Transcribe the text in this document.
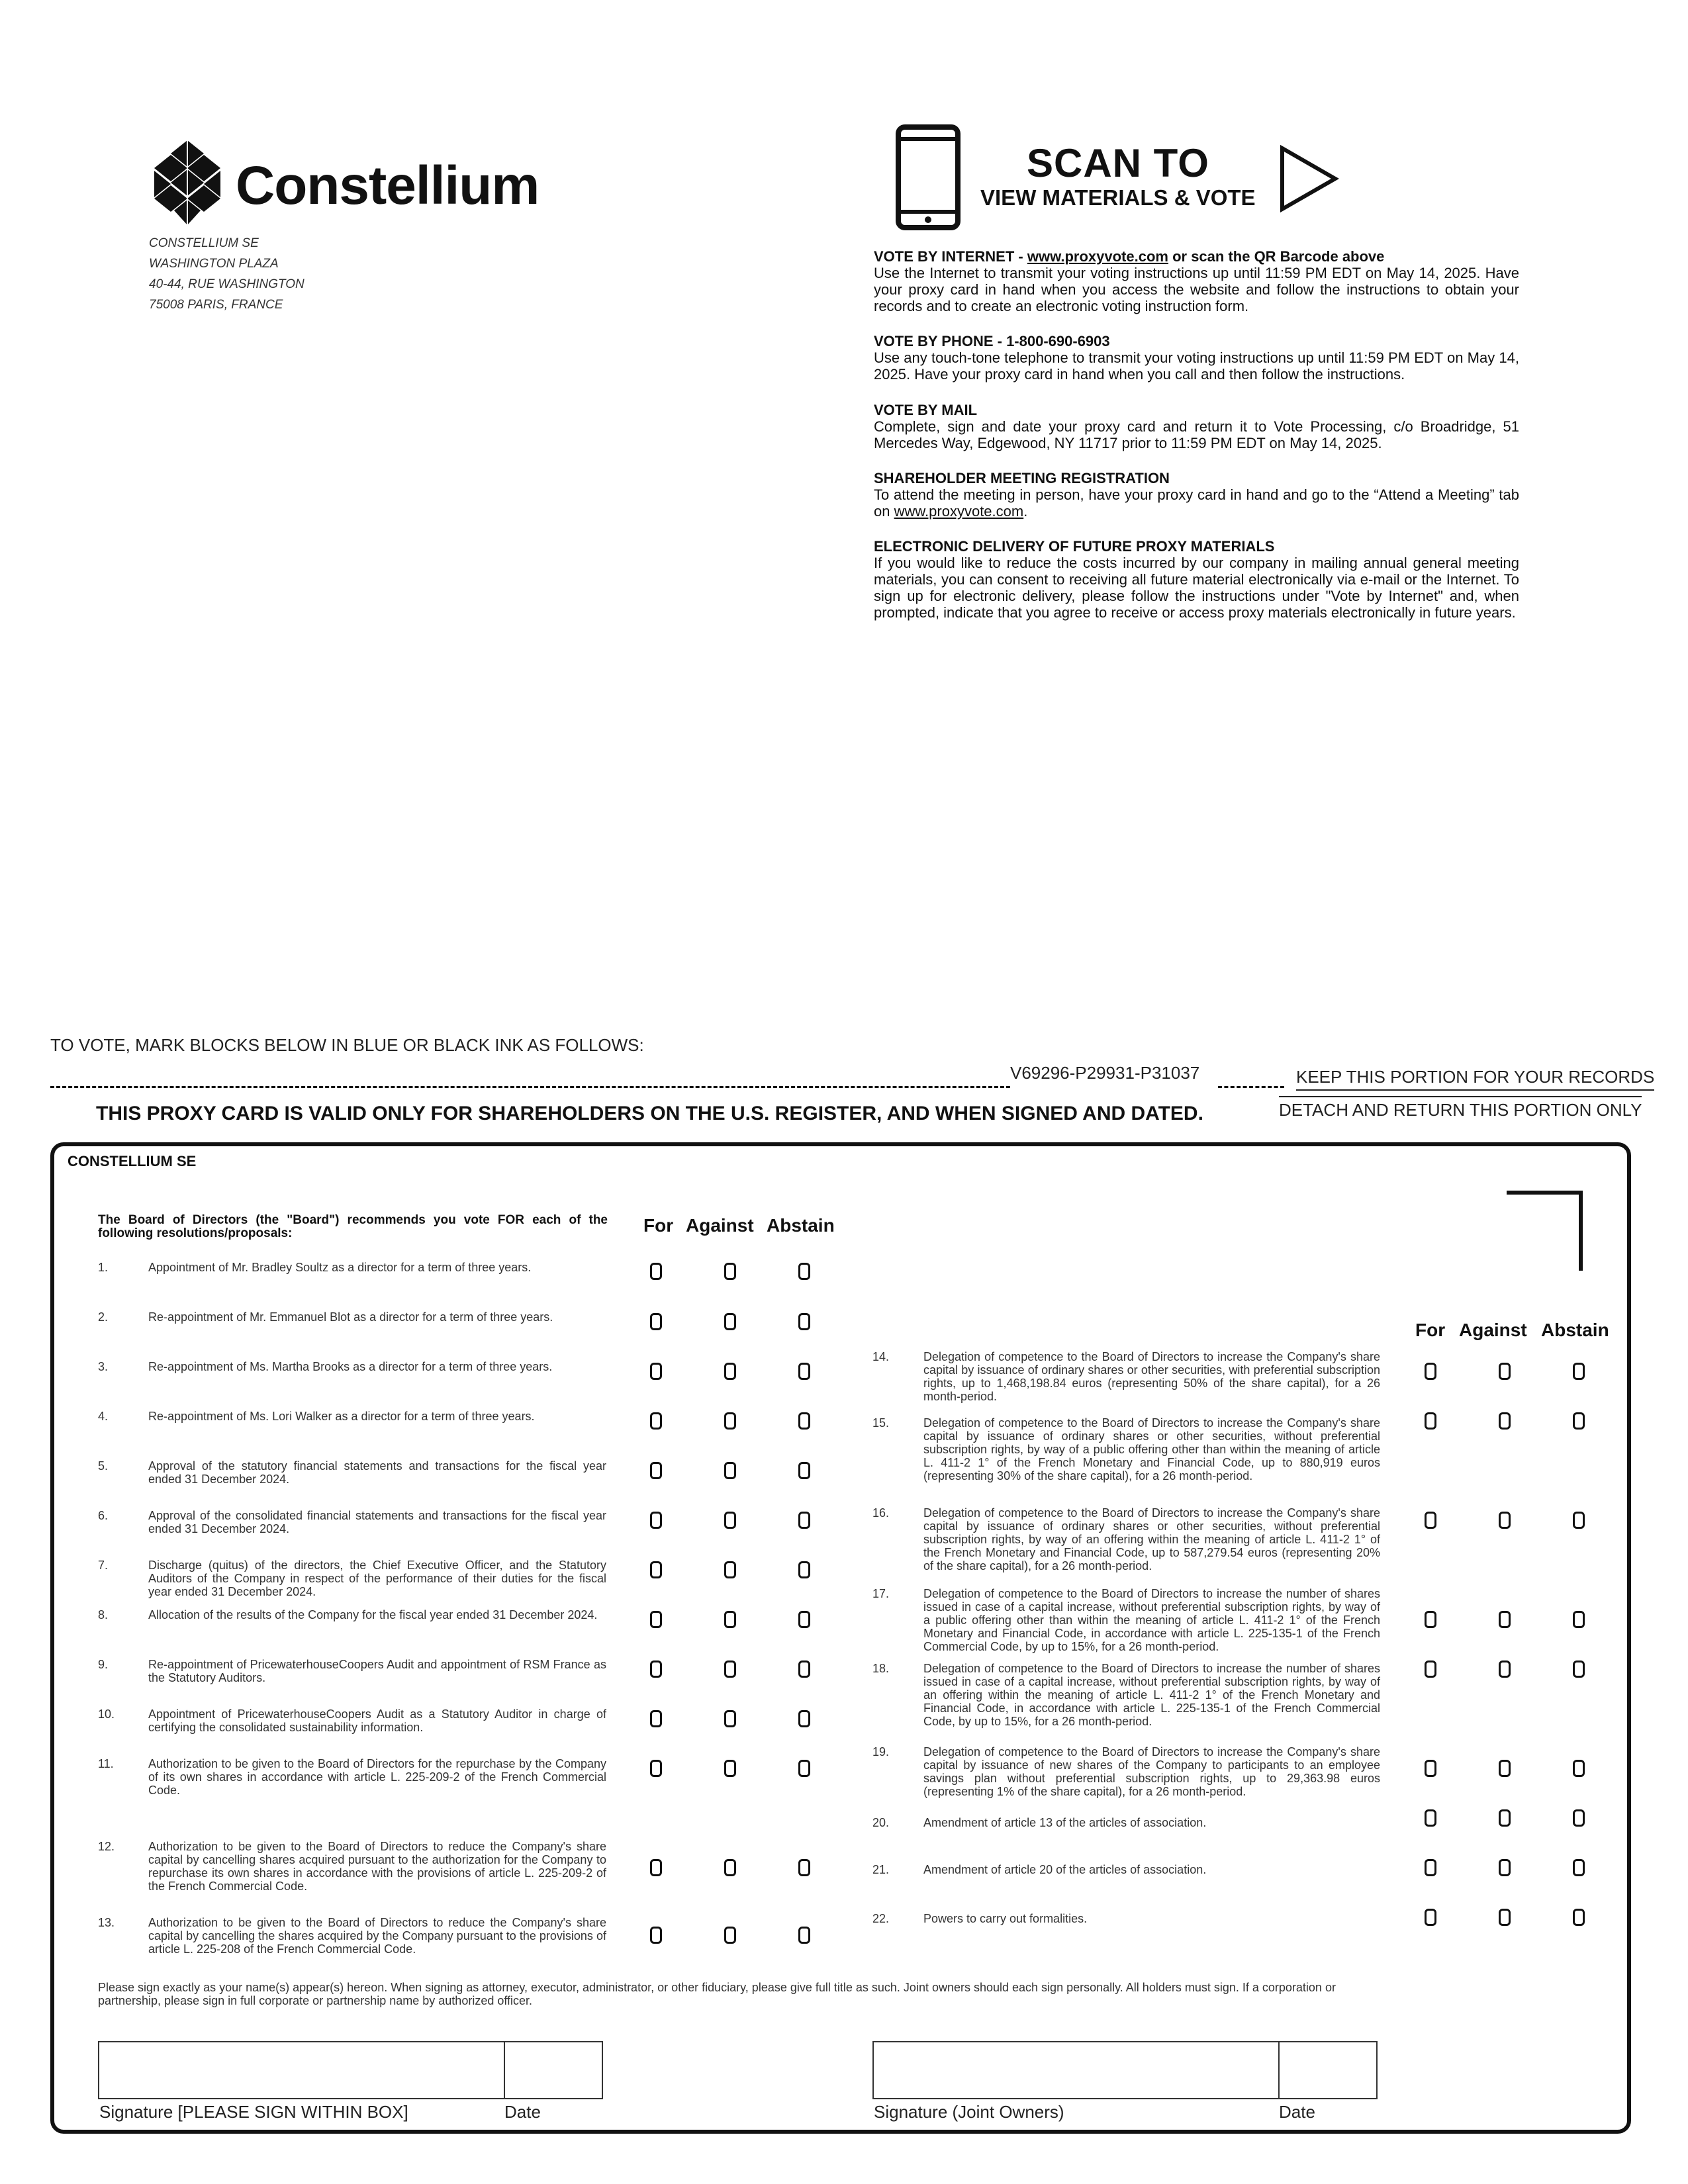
Constellium
CONSTELLIUM SE
WASHINGTON PLAZA
40-44, RUE WASHINGTON
75008 PARIS, FRANCE
SCAN TO
VIEW MATERIALS & VOTE
VOTE BY INTERNET - www.proxyvote.com or scan the QR Barcode above
Use the Internet to transmit your voting instructions up until 11:59 PM EDT on May 14, 2025. Have your proxy card in hand when you access the website and follow the instructions to obtain your records and to create an electronic voting instruction form.
VOTE BY PHONE - 1-800-690-6903
Use any touch-tone telephone to transmit your voting instructions up until 11:59 PM EDT on May 14, 2025. Have your proxy card in hand when you call and then follow the instructions.
VOTE BY MAIL
Complete, sign and date your proxy card and return it to Vote Processing, c/o Broadridge, 51 Mercedes Way, Edgewood, NY 11717 prior to 11:59 PM EDT on May 14, 2025.
SHAREHOLDER MEETING REGISTRATION
To attend the meeting in person, have your proxy card in hand and go to the “Attend a Meeting” tab on www.proxyvote.com.
ELECTRONIC DELIVERY OF FUTURE PROXY MATERIALS
If you would like to reduce the costs incurred by our company in mailing annual general meeting materials, you can consent to receiving all future material electronically via e-mail or the Internet. To sign up for electronic delivery, please follow the instructions under "Vote by Internet" and, when prompted, indicate that you agree to receive or access proxy materials electronically in future years.
TO VOTE, MARK BLOCKS BELOW IN BLUE OR BLACK INK AS FOLLOWS:
V69296-P29931-P31037	KEEP THIS PORTION FOR YOUR RECORDS
THIS PROXY CARD IS VALID ONLY FOR SHAREHOLDERS ON THE U.S. REGISTER, AND WHEN SIGNED AND DATED.	DETACH AND RETURN THIS PORTION ONLY
CONSTELLIUM SE
The Board of Directors (the "Board") recommends you vote FOR each of the following resolutions/proposals:	For Against Abstain
For Against Abstain
1.	Appointment of Mr. Bradley Soultz as a director for a term of three years.
2.	Re-appointment of Mr. Emmanuel Blot as a director for a term of three years.
3.	Re-appointment of Ms. Martha Brooks as a director for a term of three years.
4.	Re-appointment of Ms. Lori Walker as a director for a term of three years.
5.	Approval of the statutory financial statements and transactions for the fiscal year ended 31 December 2024.
6.	Approval of the consolidated financial statements and transactions for the fiscal year ended 31 December 2024.
7.	Discharge (quitus) of the directors, the Chief Executive Officer, and the Statutory Auditors of the Company in respect of the performance of their duties for the fiscal year ended 31 December 2024.
8.	Allocation of the results of the Company for the fiscal year ended 31 December 2024.
9.	Re-appointment of PricewaterhouseCoopers Audit and appointment of RSM France as the Statutory Auditors.
10.	Appointment of PricewaterhouseCoopers Audit as a Statutory Auditor in charge of certifying the consolidated sustainability information.
11.	Authorization to be given to the Board of Directors for the repurchase by the Company of its own shares in accordance with article L. 225-209-2 of the French Commercial Code.
12.	Authorization to be given to the Board of Directors to reduce the Company's share capital by cancelling shares acquired pursuant to the authorization for the Company to repurchase its own shares in accordance with the provisions of article L. 225-209-2 of the French Commercial Code.
13.	Authorization to be given to the Board of Directors to reduce the Company's share capital by cancelling the shares acquired by the Company pursuant to the provisions of article L. 225-208 of the French Commercial Code.
14.	Delegation of competence to the Board of Directors to increase the Company's share capital by issuance of ordinary shares or other securities, with preferential subscription rights, up to 1,468,198.84 euros (representing 50% of the share capital), for a 26 month-period.
15.	Delegation of competence to the Board of Directors to increase the Company's share capital by issuance of ordinary shares or other securities, without preferential subscription rights, by way of a public offering other than within the meaning of article L. 411-2 1° of the French Monetary and Financial Code, up to 880,919 euros (representing 30% of the share capital), for a 26 month-period.
16.	Delegation of competence to the Board of Directors to increase the Company's share capital by issuance of ordinary shares or other securities, without preferential subscription rights, by way of an offering within the meaning of article L. 411-2 1° of the French Monetary and Financial Code, up to 587,279.54 euros (representing 20% of the share capital), for a 26 month-period.
17.	Delegation of competence to the Board of Directors to increase the number of shares issued in case of a capital increase, without preferential subscription rights, by way of a public offering other than within the meaning of article L. 411-2 1° of the French Monetary and Financial Code, in accordance with article L. 225-135-1 of the French Commercial Code, by up to 15%, for a 26 month-period.
18.	Delegation of competence to the Board of Directors to increase the number of shares issued in case of a capital increase, without preferential subscription rights, by way of an offering within the meaning of article L. 411-2 1° of the French Monetary and Financial Code, in accordance with article L. 225-135-1 of the French Commercial Code, by up to 15%, for a 26 month-period.
19.	Delegation of competence to the Board of Directors to increase the Company's share capital by issuance of new shares of the Company to participants to an employee savings plan without preferential subscription rights, up to 29,363.98 euros (representing 1% of the share capital), for a 26 month-period.
20.	Amendment of article 13 of the articles of association.
21.	Amendment of article 20 of the articles of association.
22.	Powers to carry out formalities.
Please sign exactly as your name(s) appear(s) hereon. When signing as attorney, executor, administrator, or other fiduciary, please give full title as such. Joint owners should each sign personally. All holders must sign. If a corporation or partnership, please sign in full corporate or partnership name by authorized officer.
Signature [PLEASE SIGN WITHIN BOX]	Date	Signature (Joint Owners)	Date
